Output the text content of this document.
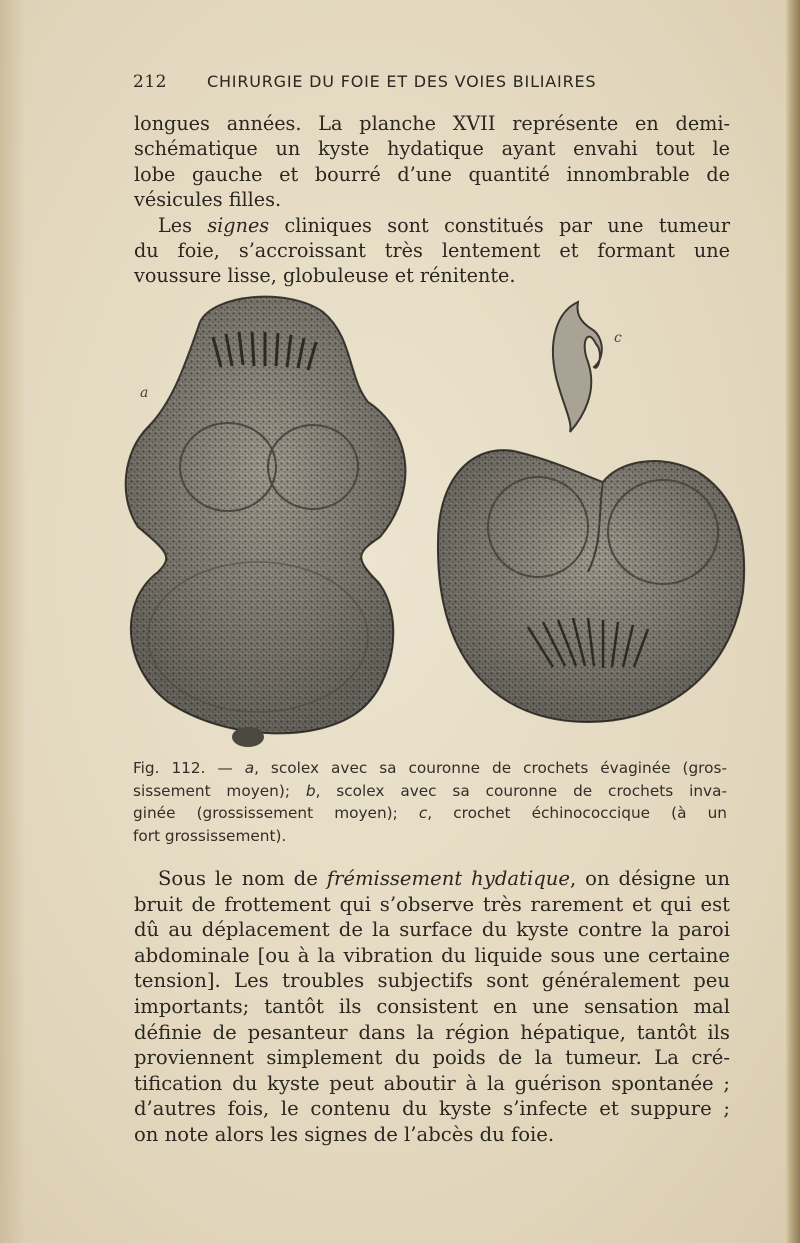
212	CHIRURGIE DU FOIE ET DES VOIES BILIAIRES
longues années. La planche XVII représente en demi-
schématique un kyste hydatique ayant envahi tout le
lobe gauche et bourré d’une quantité innombrable de
vésicules filles.
Les signes cliniques sont constitués par une tumeur
du foie, s’accroissant très lentement et formant une
voussure lisse, globuleuse et rénitente.
a
c
Fig. 112. — a, scolex avec sa couronne de crochets évaginée (gros-
sissement moyen); b, scolex avec sa couronne de crochets inva-
ginée (grossissement moyen); c, crochet échinococcique (à un
fort grossissement).
Sous le nom de frémissement hydatique, on désigne un
bruit de frottement qui s’observe très rarement et qui est
dû au déplacement de la surface du kyste contre la paroi
abdominale [ou à la vibration du liquide sous une certaine
tension]. Les troubles subjectifs sont généralement peu
importants; tantôt ils consistent en une sensation mal
définie de pesanteur dans la région hépatique, tantôt ils
proviennent simplement du poids de la tumeur. La cré-
tification du kyste peut aboutir à la guérison spontanée ;
d’autres fois, le contenu du kyste s’infecte et suppure ;
on note alors les signes de l’abcès du foie.
